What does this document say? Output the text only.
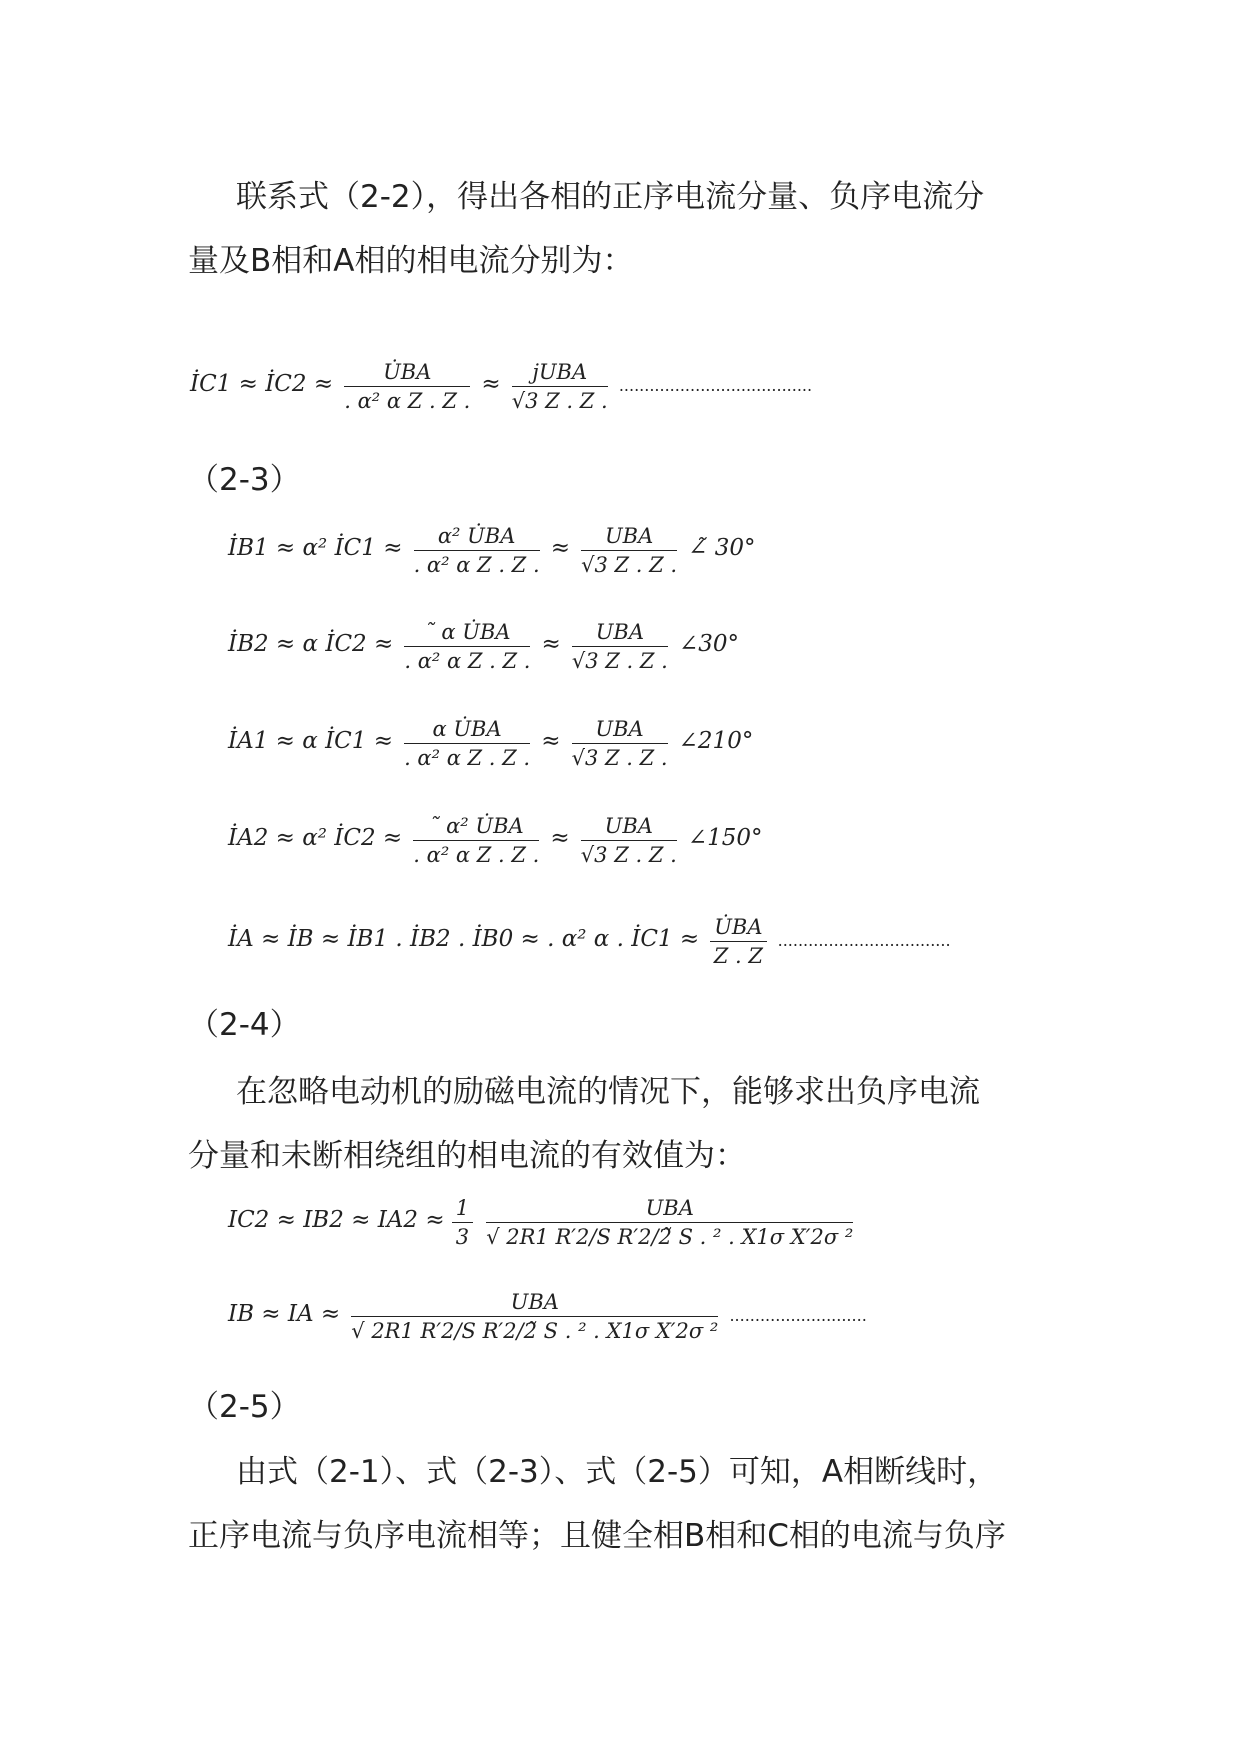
联系式（2-2），得出各相的正序电流分量、负序电流分
量及B相和A相的相电流分别为：

İC1 ≈ İC2 ≈ $\frac{U̇BA}{\text{. α² α Z . Z .}} \approx \frac{\text{jUBA}}{√3 Z . Z .}$ ......................................
（2-3）
İB1 ≈ α² İC1 ≈ $\frac{\text{α² U̇BA}}{\text{. α² α Z . Z .}} \approx \frac{\text{UBA}}{√3 Z . Z .}$ ∠̃ 30°
İB2 ≈ α İC2 ≈ $\frac{\text{˜ α U̇BA}}{\text{. α² α Z . Z .}} \approx \frac{\text{UBA}}{√3 Z . Z .}$ ∠30°
İA1 ≈ α İC1 ≈ $\frac{\text{α U̇BA}}{\text{. α² α Z . Z .}} \approx \frac{\text{UBA}}{√3 Z . Z .}$ ∠210°
İA2 ≈ α² İC2 ≈ $\frac{\text{˜ α² U̇BA}}{\text{. α² α Z . Z .}} \approx \frac{\text{UBA}}{√3 Z . Z .}$ ∠150°
İA ≈ İB ≈ İB1 . İB2 . İB0 ≈ . α² α . İC1 ≈ $\frac{U̇BA}{Z . Z}$ ..................................
（2-4）

在忽略电动机的励磁电流的情况下，能够求出负序电流
分量和未断相绕组的相电流的有效值为：

$IC2 \approx IB2 \approx IA2 \approx \frac{1}{3}$
$\frac{\text{UBA}}{\text{√ 2R1 R′2/S R′2/2̃ S . ² . X1σ X′2σ ²}}$
IB ≈ IA ≈ $\frac{\text{UBA}}{\text{√ 2R1 R′2/S R′2/2̃ S . ² . X1σ X′2σ ²}}$ ...........................
（2-5）

由式（2-1）、式（2-3）、式（2-5）可知，A相断线时，
正序电流与负序电流相等；且健全相B相和C相的电流与负序
